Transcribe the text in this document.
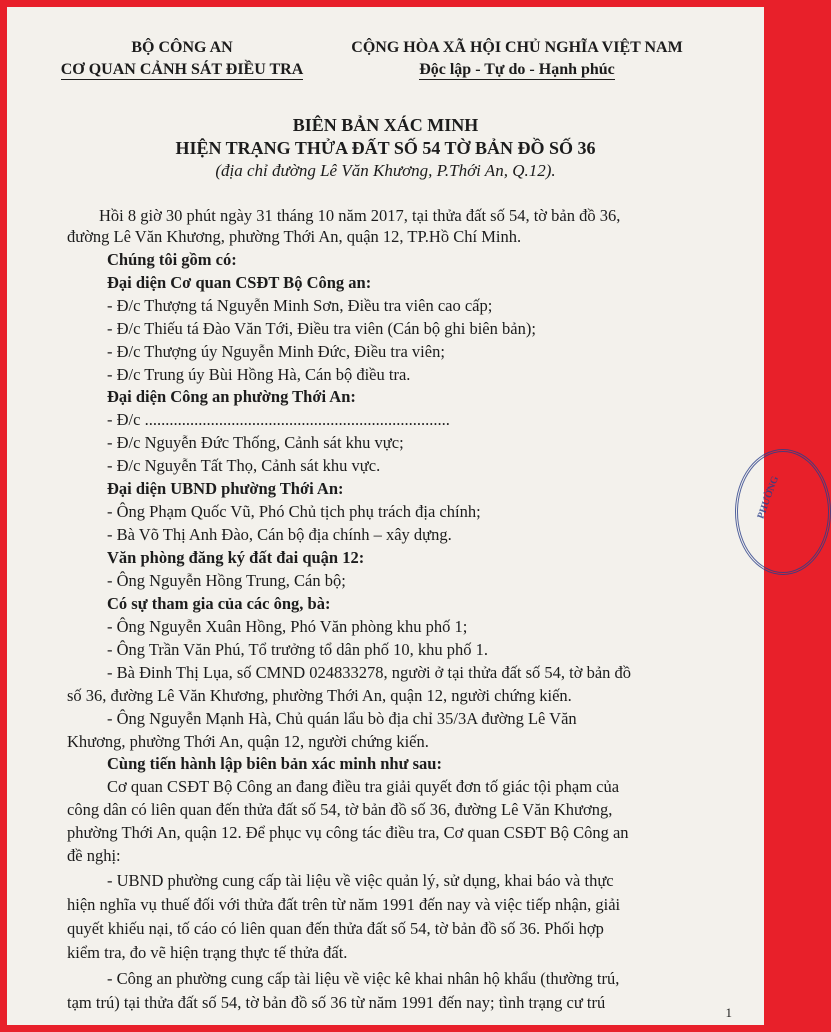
BỘ CÔNG AN
CƠ QUAN CẢNH SÁT ĐIỀU TRA
CỘNG HÒA XÃ HỘI CHỦ NGHĨA VIỆT NAM
Độc lập - Tự do - Hạnh phúc
BIÊN BẢN XÁC MINH
HIỆN TRẠNG THỬA ĐẤT SỐ 54 TỜ BẢN ĐỒ SỐ 36
(địa chỉ đường Lê Văn Khương, P.Thới An, Q.12).
Hồi 8 giờ 30 phút ngày 31 tháng 10 năm 2017, tại thửa đất số 54, tờ bản đồ 36,
đường Lê Văn Khương, phường Thới An, quận 12, TP.Hồ Chí Minh.
Chúng tôi gồm có:
Đại diện Cơ quan CSĐT Bộ Công an:
- Đ/c Thượng tá Nguyễn Minh Sơn, Điều tra viên cao cấp;
- Đ/c Thiếu tá Đào Văn Tới, Điều tra viên (Cán bộ ghi biên bản);
- Đ/c Thượng úy Nguyễn Minh Đức, Điều tra viên;
- Đ/c Trung úy Bùi Hồng Hà, Cán bộ điều tra.
Đại diện Công an phường Thới An:
- Đ/c ..........................................................................
- Đ/c Nguyễn Đức Thống, Cảnh sát khu vực;
- Đ/c Nguyễn Tất Thọ, Cảnh sát khu vực.
Đại diện UBND phường Thới An:
- Ông Phạm Quốc Vũ, Phó Chủ tịch phụ trách địa chính;
- Bà Võ Thị Anh Đào, Cán bộ địa chính – xây dựng.
Văn phòng đăng ký đất đai quận 12:
- Ông Nguyễn Hồng Trung, Cán bộ;
Có sự tham gia của các ông, bà:
- Ông Nguyễn Xuân Hồng, Phó Văn phòng khu phố 1;
- Ông Trần Văn Phú, Tổ trưởng tổ dân phố 10, khu phố 1.
- Bà Đinh Thị Lụa, số CMND 024833278, người ở tại thửa đất số 54, tờ bản đồ
số 36, đường Lê Văn Khương, phường Thới An, quận 12, người chứng kiến.
- Ông Nguyễn Mạnh Hà, Chủ quán lẩu bò địa chỉ 35/3A đường Lê Văn
Khương, phường Thới An, quận 12, người chứng kiến.
Cùng tiến hành lập biên bản xác minh như sau:
Cơ quan CSĐT Bộ Công an đang điều tra giải quyết đơn tố giác tội phạm của
công dân có liên quan đến thửa đất số 54, tờ bản đồ số 36, đường Lê Văn Khương,
phường Thới An, quận 12. Để phục vụ công tác điều tra, Cơ quan CSĐT Bộ Công an
đề nghị:
- UBND phường cung cấp tài liệu về việc quản lý, sử dụng, khai báo và thực
hiện nghĩa vụ thuế đối với thửa đất trên từ năm 1991 đến nay và việc tiếp nhận, giải
quyết khiếu nại, tố cáo có liên quan đến thửa đất số 54, tờ bản đồ số 36. Phối hợp
kiểm tra, đo vẽ hiện trạng thực tế thửa đất.
- Công an phường cung cấp tài liệu về việc kê khai nhân hộ khẩu (thường trú,
tạm trú) tại thửa đất số 54, tờ bản đồ số 36 từ năm 1991 đến nay; tình trạng cư trú
PHƯỜNG
1
